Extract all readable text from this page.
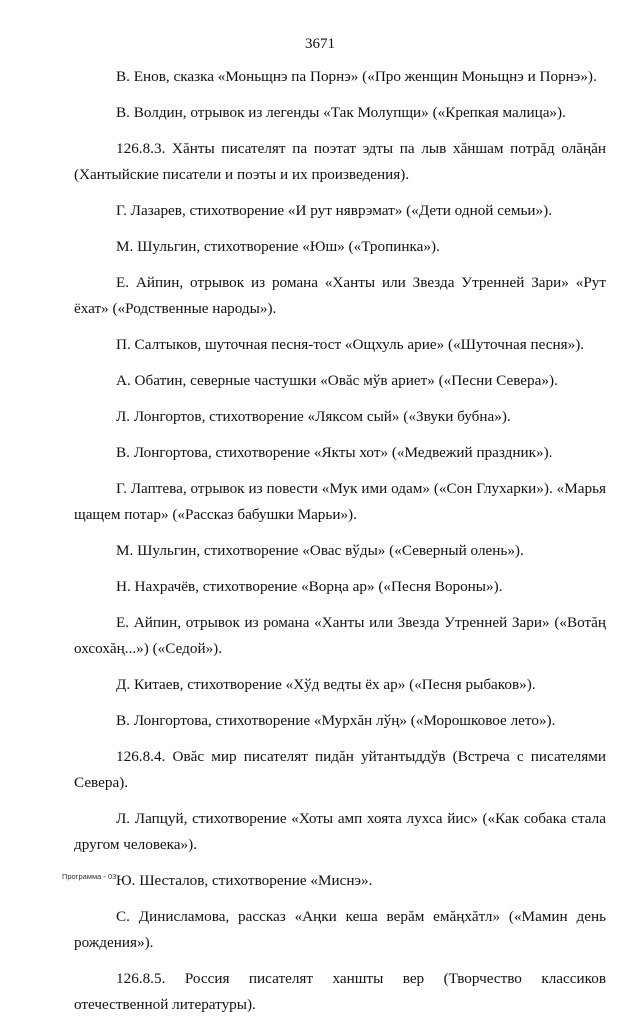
3671

В. Енов, сказка «Моньщнэ па Порнэ» («Про женщин Моньщнэ и Порнэ»).

В. Волдин, отрывок из легенды «Так Молупщи» («Крепкая малица»).

126.8.3. Хăнты писателят па поэтат эдты па лыв хăншам потрăд олăңăн (Хантыйские писатели и поэты и их произведения).

Г. Лазарев, стихотворение «И рут няврэмат» («Дети одной семьи»).

М. Шульгин, стихотворение «Юш» («Тропинка»).

Е. Айпин, отрывок из романа «Ханты или Звезда Утренней Зари» «Рут ёхат» («Родственные народы»).

П. Салтыков, шуточная песня-тост «Ощхуль арие» («Шуточная песня»).

А. Обатин, северные частушки «Овăс мўв ариет» («Песни Севера»).

Л. Лонгортов, стихотворение «Ляксом сый» («Звуки бубна»).

В. Лонгортова, стихотворение «Якты хот» («Медвежий праздник»).

Г. Лаптева, отрывок из повести «Мук ими одам» («Сон Глухарки»). «Марья щащем потар» («Рассказ бабушки Марьи»).

М. Шульгин, стихотворение «Овас вўды» («Северный олень»).

Н. Нахрачёв, стихотворение «Ворңа ар» («Песня Вороны»).

Е. Айпин, отрывок из романа «Ханты или Звезда Утренней Зари» («Вотăң охсохăң...») («Седой»).

Д. Китаев, стихотворение «Хўд ведты ёх ар» («Песня рыбаков»).

В. Лонгортова, стихотворение «Мурхăн лўң» («Морошковое лето»).

126.8.4. Овăс мир писателят пидăн уйтантыддўв (Встреча с писателями Севера).

Л. Лапцуй, стихотворение «Хоты амп хоята лухса йис» («Как собака стала другом человека»).

Ю. Шесталов, стихотворение «Миснэ».

С. Динисламова, рассказ «Аңки кеша верăм емăңхăтл» («Мамин день рождения»).

126.8.5. Россия писателят ханшты вер (Творчество классиков отечественной литературы).

Программа - 03
